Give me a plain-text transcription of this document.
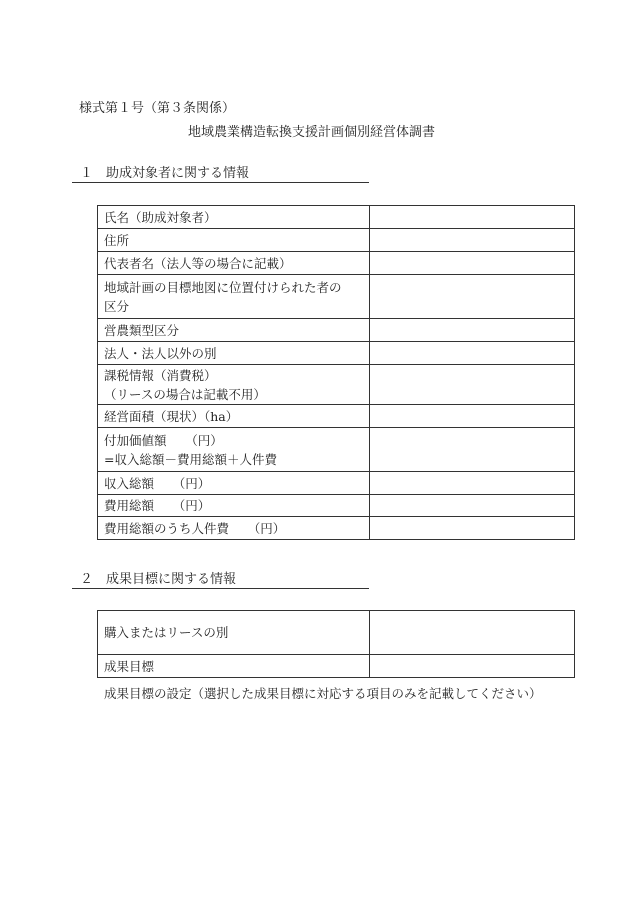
様式第１号（第３条関係）
地域農業構造転換支援計画個別経営体調書
１ 助成対象者に関する情報
氏名（助成対象者）	
住所	
代表者名（法人等の場合に記載）	

地域計画の目標地図に位置付けられた者の
区分	

営農類型区分	
法人・法人以外の別	

課税情報（消費税）
（リースの場合は記載不用）	

経営面積（現状）（ha）	

付加価値額　　（円）
=収入総額－費用総額＋人件費	

収入総額　　（円）	
費用総額　　（円）	
費用総額のうち人件費　　（円）	
２ 成果目標に関する情報
購入またはリースの別	
成果目標	
成果目標の設定（選択した成果目標に対応する項目のみを記載してください）
